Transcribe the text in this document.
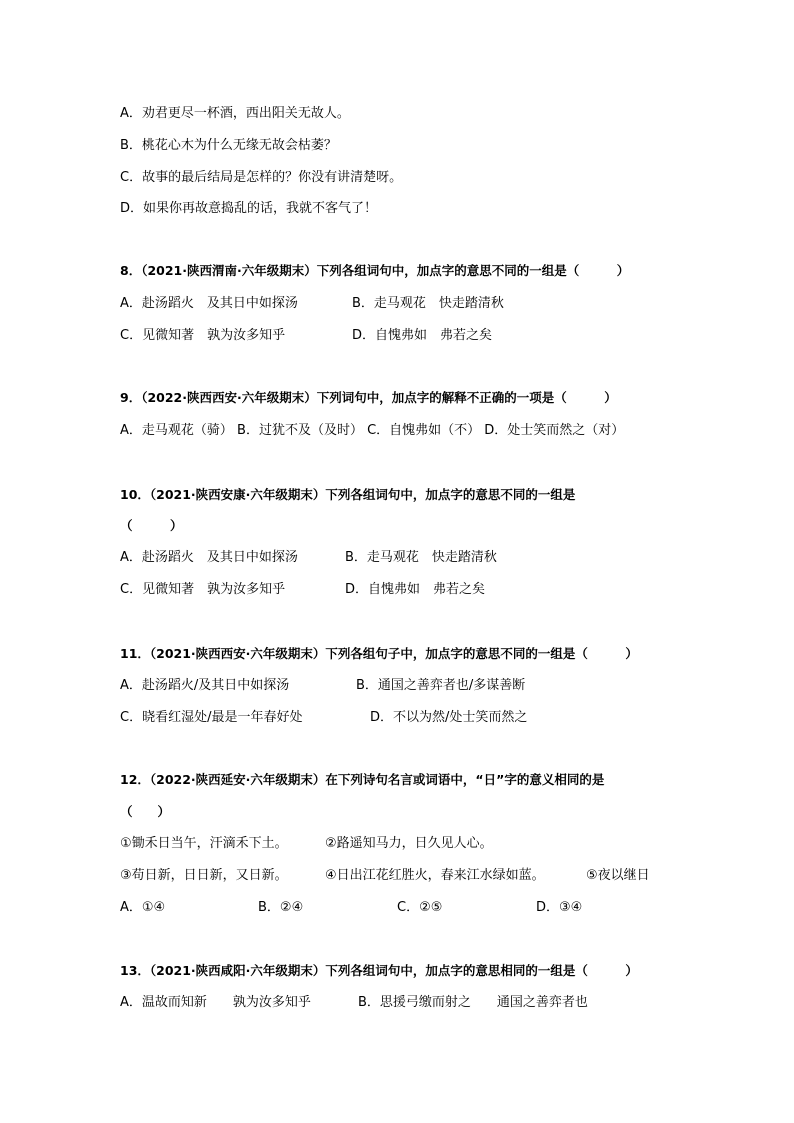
A．劝君更尽一杯酒，西出阳关无故人。
B．桃花心木为什么无缘无故会枯萎？
C．故事的最后结局是怎样的？你没有讲清楚呀。
D．如果你再故意捣乱的话，我就不客气了！
8．（2021·陕西渭南·六年级期末）下列各组词句中，加点字的意思不同的一组是（　　　）
A．赴汤蹈火　及其日中如探汤	B．走马观花　快走踏清秋
C．见微知著　孰为汝多知乎	D．自愧弗如　弗若之矣
9．（2022·陕西西安·六年级期末）下列词句中，加点字的解释不正确的一项是（　　　）
A．走马观花（骑） B．过犹不及（及时） C．自愧弗如（不） D．处士笑而然之（对）
10．（2021·陕西安康·六年级期末）下列各组词句中，加点字的意思不同的一组是
（　　　）
A．赴汤蹈火　及其日中如探汤	B．走马观花　快走踏清秋
C．见微知著　孰为汝多知乎	D．自愧弗如　弗若之矣
11．（2021·陕西西安·六年级期末）下列各组句子中，加点字的意思不同的一组是（　　　）
A．赴汤蹈火/及其日中如探汤	B．通国之善弈者也/多谋善断
C．晓看红湿处/最是一年春好处	D．不以为然/处士笑而然之
12．（2022·陕西延安·六年级期末）在下列诗句名言或词语中，“日”字的意义相同的是
（　　）
①锄禾日当午，汗滴禾下土。	②路遥知马力，日久见人心。
③苟日新，日日新，又日新。	④日出江花红胜火，春来江水绿如蓝。	⑤夜以继日
A．①④	B．②④	C．②⑤	D．③④
13．（2021·陕西咸阳·六年级期末）下列各组词句中，加点字的意思相同的一组是（　　　）
A．温故而知新　　孰为汝多知乎	B．思援弓缴而射之　　通国之善弈者也
